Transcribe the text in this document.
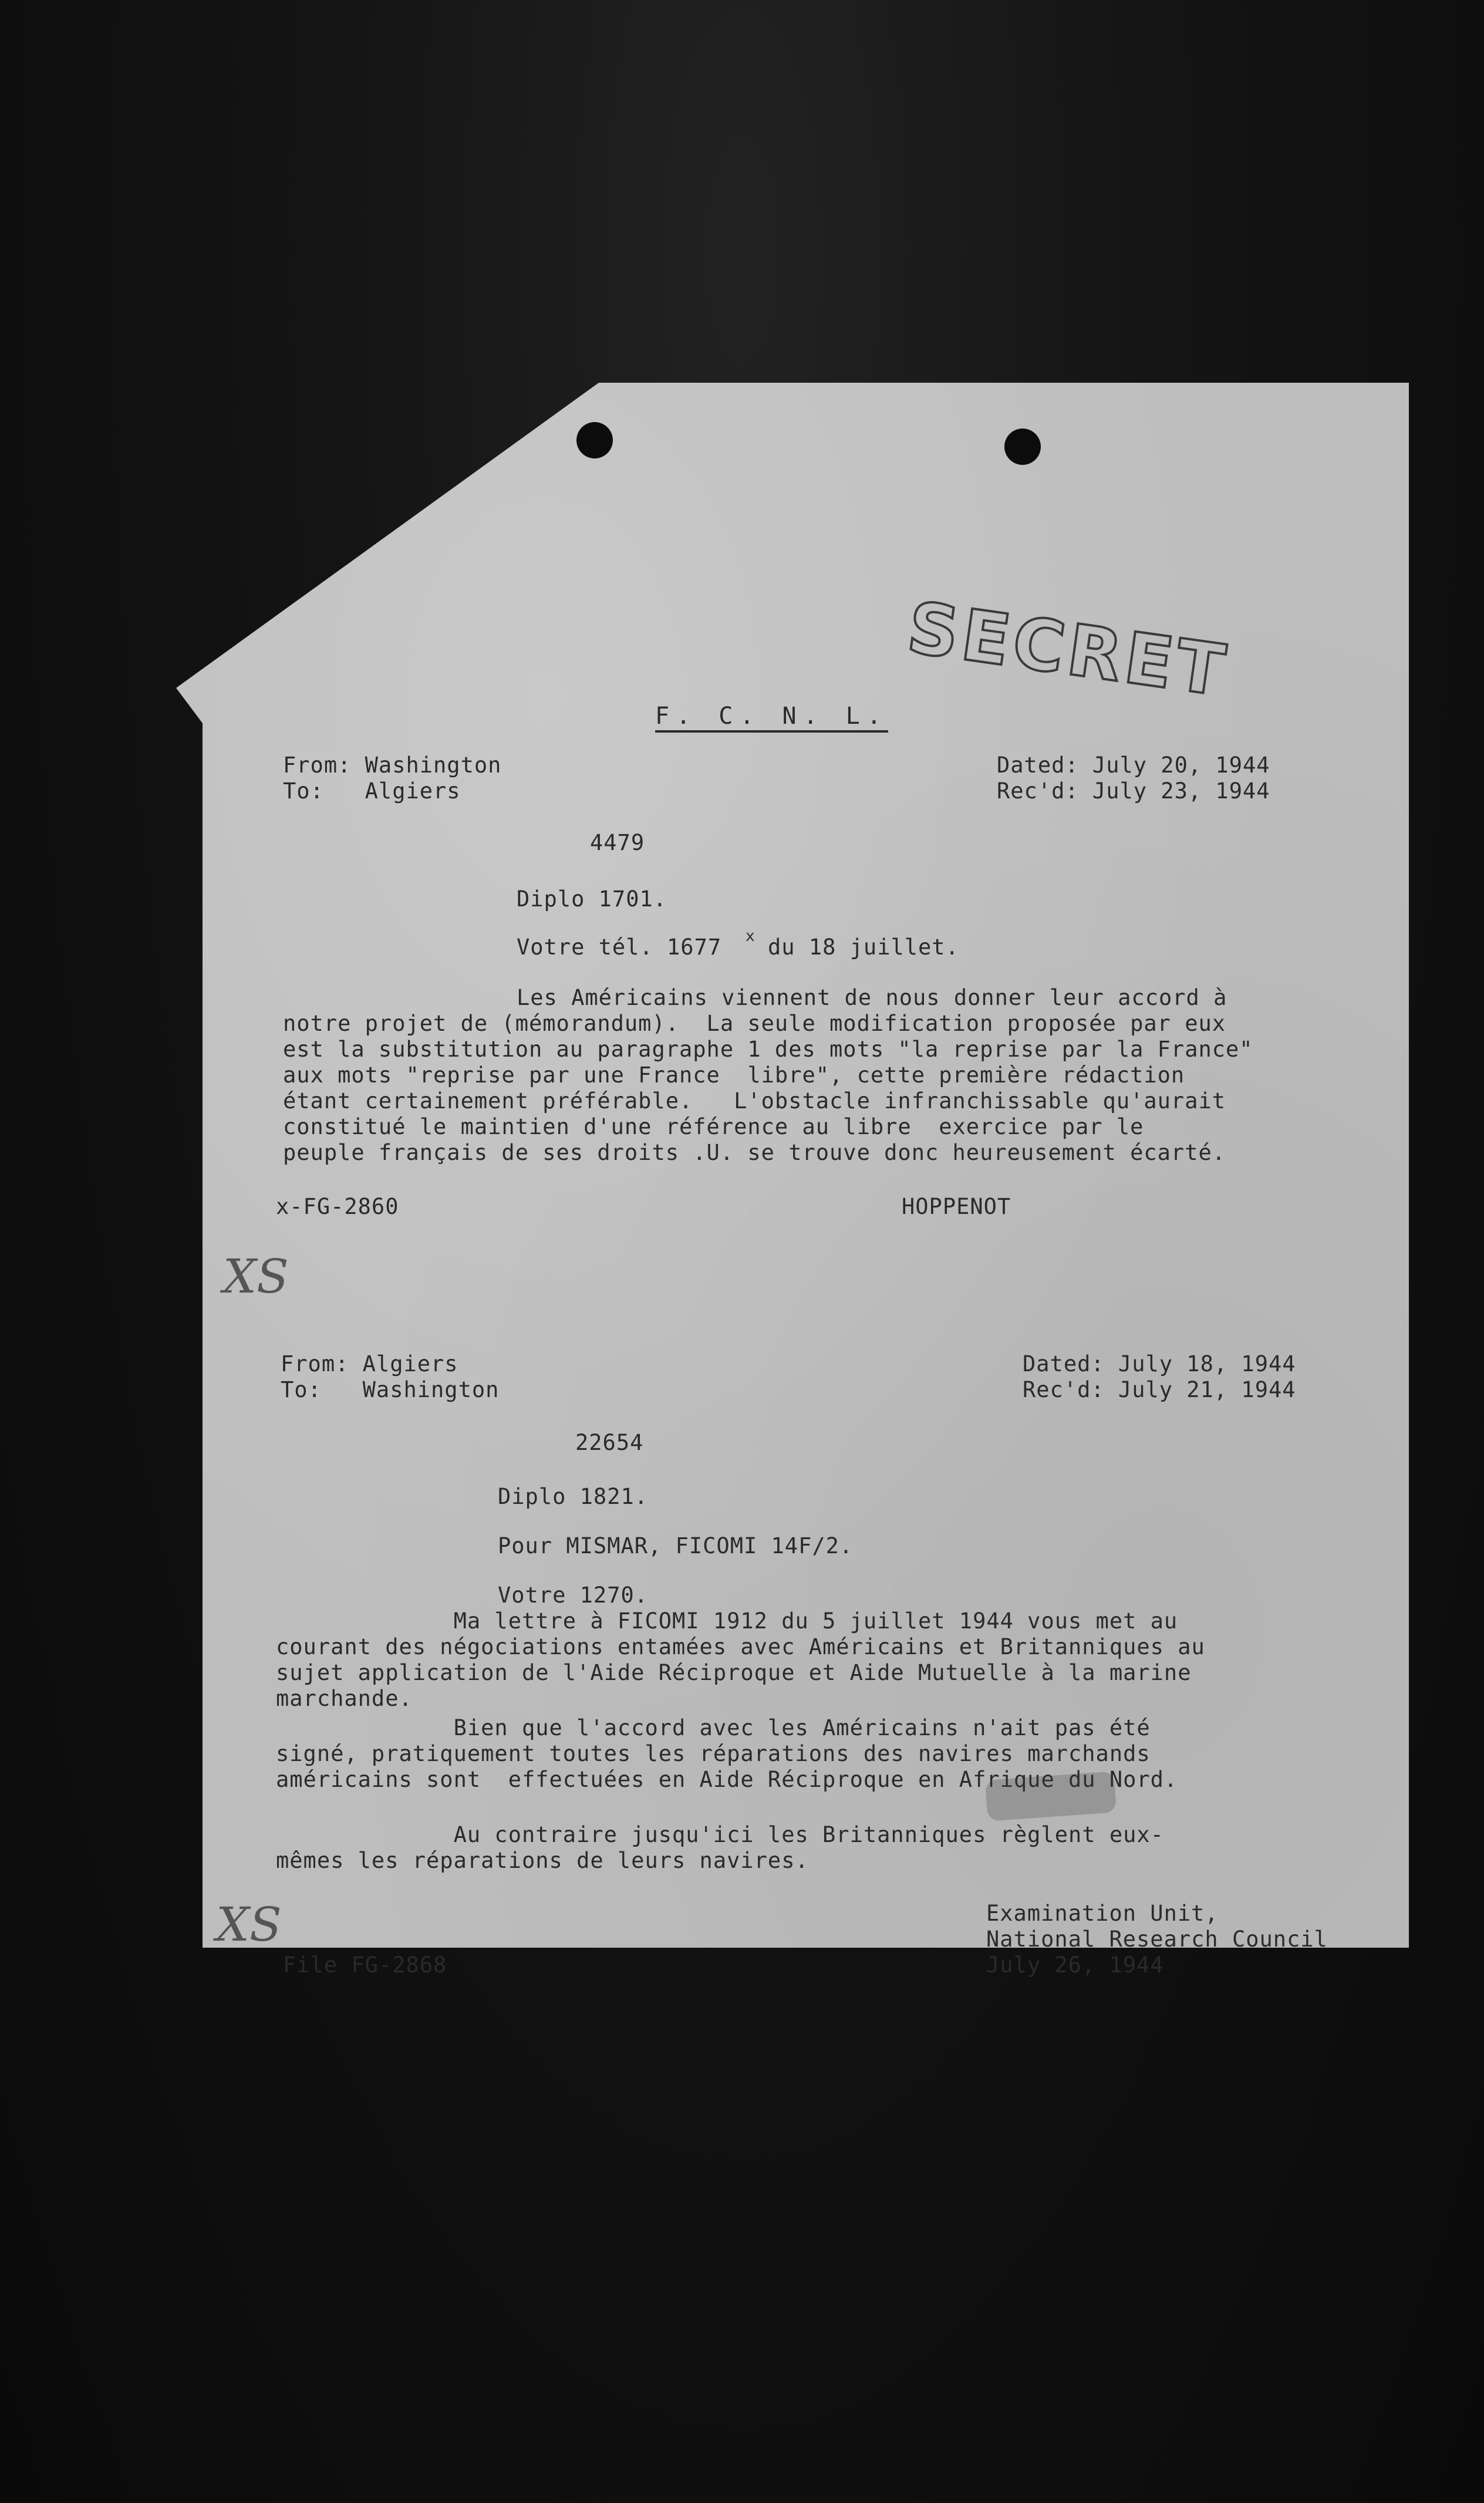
SECRET
F. C. N. L.
From: Washington
To:   Algiers
Dated: July 20, 1944
Rec'd: July 23, 1944
4479
Diplo 1701.
Votre tél. 1677 x du 18 juillet.
Les Américains viennent de nous donner leur accord à
notre projet de (mémorandum).  La seule modification proposée par eux
est la substitution au paragraphe 1 des mots "la reprise par la France"
aux mots "reprise par une France  libre", cette première rédaction
étant certainement préférable.   L'obstacle infranchissable qu'aurait
constitué le maintien d'une référence au libre  exercice par le
peuple français de ses droits .U. se trouve donc heureusement écarté.
x-FG-2860	HOPPENOT
XS
From: Algiers
To:   Washington
Dated: July 18, 1944
Rec'd: July 21, 1944
22654
Diplo 1821.
Pour MISMAR, FICOMI 14F/2.
Votre 1270.
Ma lettre à FICOMI 1912 du 5 juillet 1944 vous met au
courant des négociations entamées avec Américains et Britanniques au
sujet application de l'Aide Réciproque et Aide Mutuelle à la marine
marchande.
Bien que l'accord avec les Américains n'ait pas été
signé, pratiquement toutes les réparations des navires marchands
américains sont  effectuées en Aide Réciproque en Afrique du Nord.
Au contraire jusqu'ici les Britanniques règlent eux-
mêmes les réparations de leurs navires.
XS	Examination Unit,
National Research Council
File FG-2868	July 26, 1944
